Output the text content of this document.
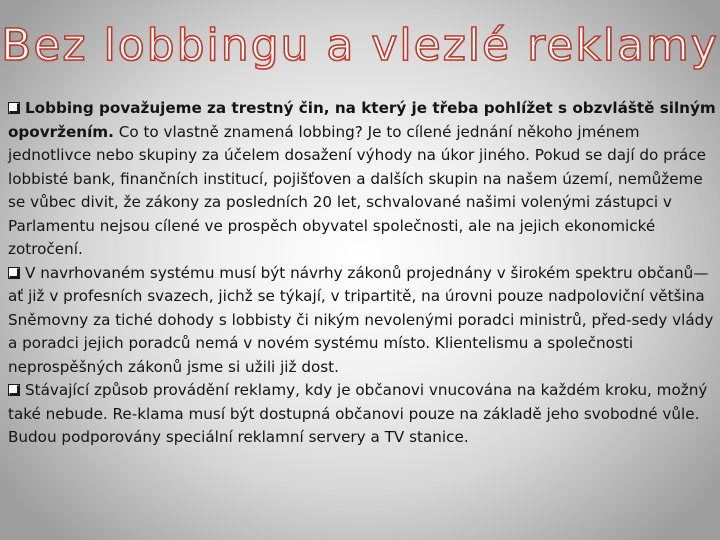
Bez lobbingu a vlezlé reklamy

Lobbing považujeme za trestný čin, na který je třeba pohlížet s obzvláště silným opovržením. Co to vlastně znamená lobbing? Je to cílené jednání někoho jménem jednotlivce nebo skupiny za účelem dosažení výhody na úkor jiného. Pokud se dají do práce lobbisté bank, finančních institucí, pojišťoven a dalších skupin na našem území, nemůžeme se vůbec divit, že zákony za posledních 20 let, schvalované našimi volenými zástupci v Parlamentu nejsou cílené ve prospěch obyvatel společnosti, ale na jejich ekonomické zotročení.

V navrhovaném systému musí být návrhy zákonů projednány v širokém spektru občanů—ať již v profesních svazech, jichž se týkají, v tripartitě, na úrovni pouze nadpoloviční většina Sněmovny za tiché dohody s lobbisty či nikým nevolenými poradci ministrů, před-sedy vlády a poradci jejich poradců nemá v novém systému místo. Klientelismu a společnosti neprospěšných zákonů jsme si užili již dost.

Stávající způsob provádění reklamy, kdy je občanovi vnucována na každém kroku, možný také nebude. Re-klama musí být dostupná občanovi pouze na základě jeho svobodné vůle. Budou podporovány speciální reklamní servery a TV stanice.
